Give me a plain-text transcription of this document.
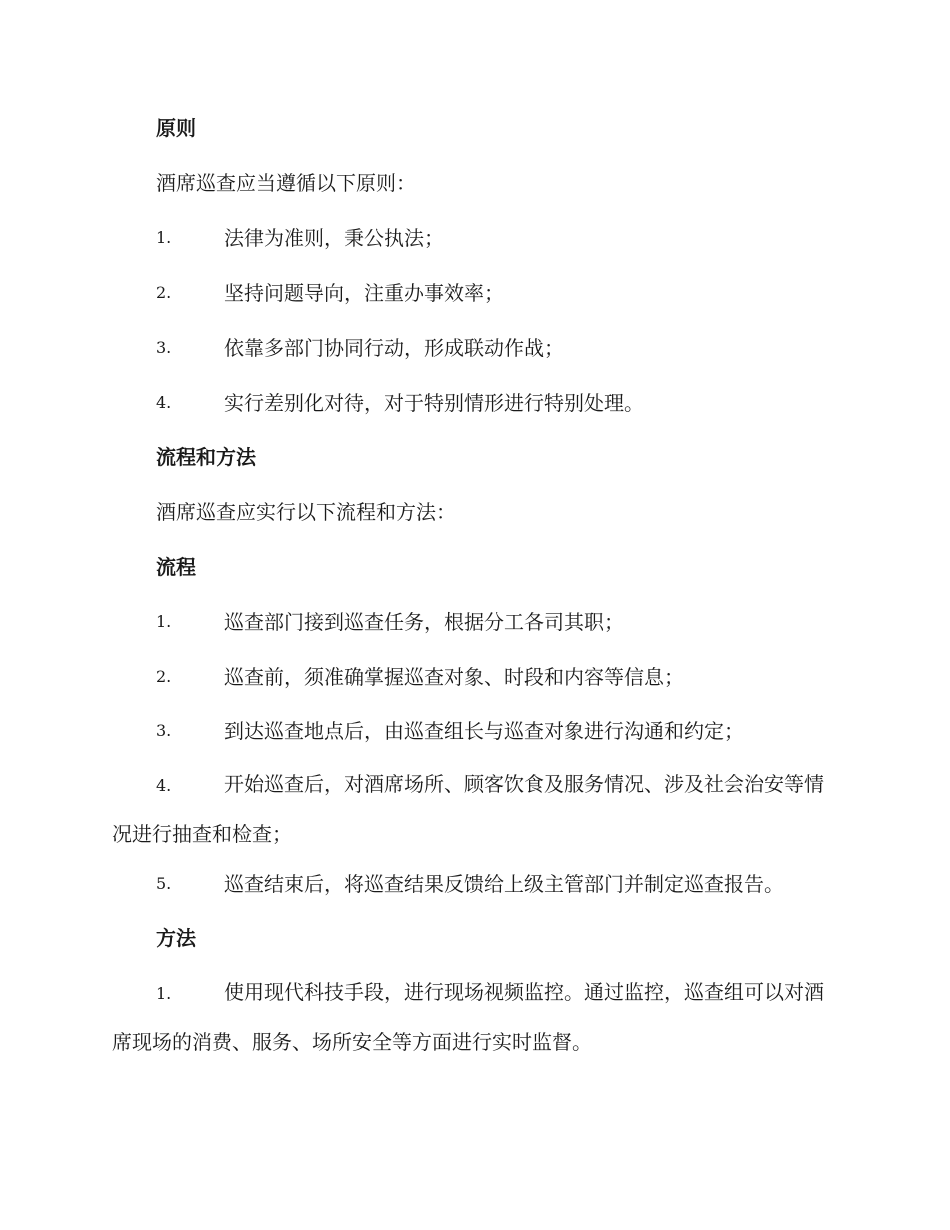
原则
酒席巡查应当遵循以下原则：
1.	法律为准则，秉公执法；
2.	坚持问题导向，注重办事效率；
3.	依靠多部门协同行动，形成联动作战；
4.	实行差别化对待，对于特别情形进行特别处理。
流程和方法
酒席巡查应实行以下流程和方法：
流程
1.	巡查部门接到巡查任务，根据分工各司其职；
2.	巡查前，须准确掌握巡查对象、时段和内容等信息；
3.	到达巡查地点后，由巡查组长与巡查对象进行沟通和约定；
4.	开始巡查后，对酒席场所、顾客饮食及服务情况、涉及社会治安等情况进行抽查和检查；
5.	巡查结束后，将巡查结果反馈给上级主管部门并制定巡查报告。
方法
1.	使用现代科技手段，进行现场视频监控。通过监控，巡查组可以对酒席现场的消费、服务、场所安全等方面进行实时监督。
